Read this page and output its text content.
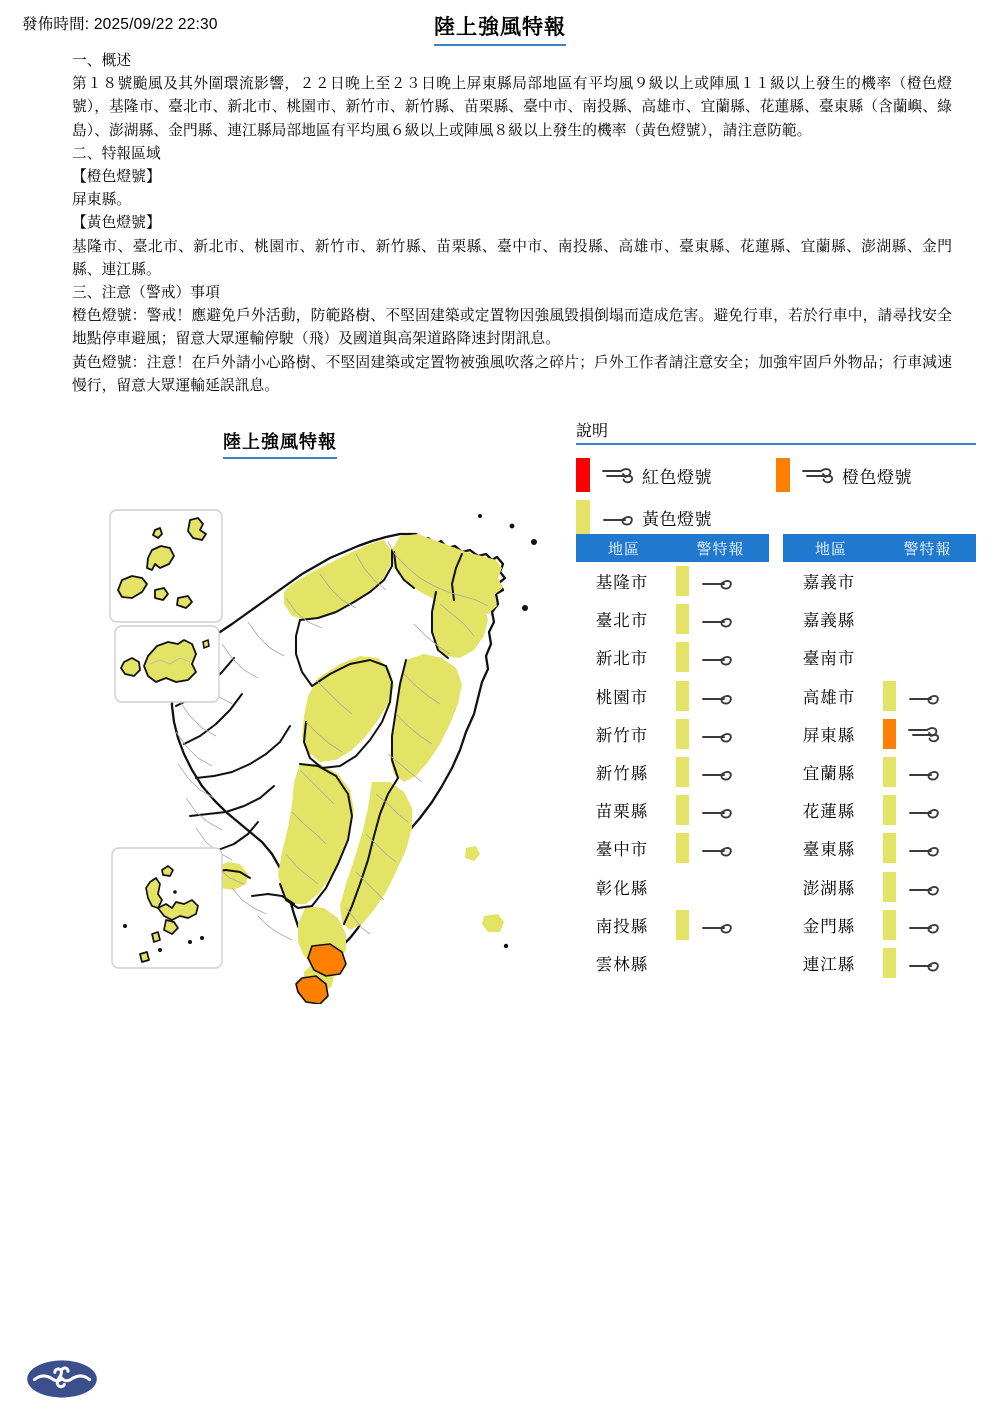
發佈時間: 2025/09/22 22:30	陸上強風特報

一、概述

第１８號颱風及其外圍環流影響，２２日晚上至２３日晚上屏東縣局部地區有平均風９級以上或陣風１１級以上發生的機率（橙色燈號），基隆市、臺北市、新北市、桃園市、新竹市、新竹縣、苗栗縣、臺中市、南投縣、高雄市、宜蘭縣、花蓮縣、臺東縣（含蘭嶼、綠島）、澎湖縣、金門縣、連江縣局部地區有平均風６級以上或陣風８級以上發生的機率（黃色燈號），請注意防範。

二、特報區域

【橙色燈號】

屏東縣。

【黃色燈號】

基隆市、臺北市、新北市、桃園市、新竹市、新竹縣、苗栗縣、臺中市、南投縣、高雄市、臺東縣、花蓮縣、宜蘭縣、澎湖縣、金門縣、連江縣。

三、注意（警戒）事項

橙色燈號：警戒！應避免戶外活動，防範路樹、不堅固建築或定置物因強風毀損倒塌而造成危害。避免行車，若於行車中，請尋找安全地點停車避風；留意大眾運輸停駛（飛）及國道與高架道路降速封閉訊息。

黃色燈號：注意！在戶外請小心路樹、不堅固建築或定置物被強風吹落之碎片；戶外工作者請注意安全；加強牢固戶外物品；行車減速慢行，留意大眾運輸延誤訊息。

陸上強風特報
說明
紅色燈號	橙色燈號
黃色燈號
地區	警特報
基隆市
臺北市
新北市
桃園市
新竹市
新竹縣
苗栗縣
臺中市
彰化縣
南投縣
雲林縣
地區	警特報
嘉義市
嘉義縣
臺南市
高雄市
屏東縣
宜蘭縣
花蓮縣
臺東縣
澎湖縣
金門縣
連江縣
